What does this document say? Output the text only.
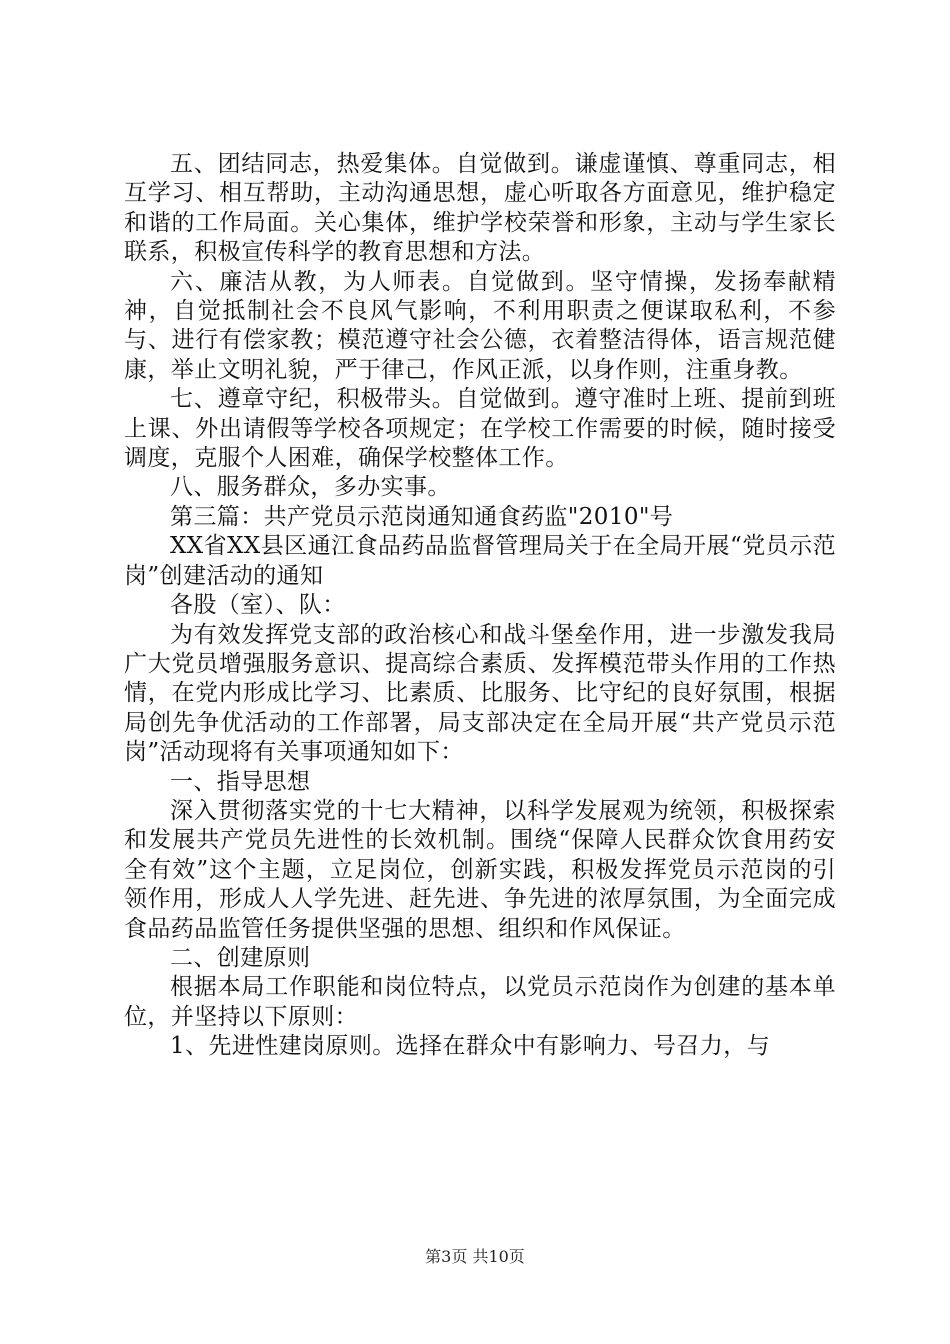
五、团结同志，热爱集体。自觉做到。谦虚谨慎、尊重同志，相互学习、相互帮助，主动沟通思想，虚心听取各方面意见，维护稳定和谐的工作局面。关心集体，维护学校荣誉和形象，主动与学生家长联系，积极宣传科学的教育思想和方法。

六、廉洁从教，为人师表。自觉做到。坚守情操，发扬奉献精神，自觉抵制社会不良风气影响，不利用职责之便谋取私利，不参与、进行有偿家教；模范遵守社会公德，衣着整洁得体，语言规范健康，举止文明礼貌，严于律己，作风正派，以身作则，注重身教。

七、遵章守纪，积极带头。自觉做到。遵守准时上班、提前到班上课、外出请假等学校各项规定；在学校工作需要的时候，随时接受调度，克服个人困难，确保学校整体工作。

八、服务群众，多办实事。

第三篇：共产党员示范岗通知通食药监"2010"号

XX省XX县区通江食品药品监督管理局关于在全局开展“党员示范岗”创建活动的通知

各股（室）、队：

为有效发挥党支部的政治核心和战斗堡垒作用，进一步激发我局广大党员增强服务意识、提高综合素质、发挥模范带头作用的工作热情，在党内形成比学习、比素质、比服务、比守纪的良好氛围，根据局创先争优活动的工作部署，局支部决定在全局开展“共产党员示范岗”活动现将有关事项通知如下：

一、指导思想

深入贯彻落实党的十七大精神，以科学发展观为统领，积极探索和发展共产党员先进性的长效机制。围绕“保障人民群众饮食用药安全有效”这个主题，立足岗位，创新实践，积极发挥党员示范岗的引领作用，形成人人学先进、赶先进、争先进的浓厚氛围，为全面完成食品药品监管任务提供坚强的思想、组织和作风保证。

二、创建原则

根据本局工作职能和岗位特点，以党员示范岗作为创建的基本单位，并坚持以下原则：

1、先进性建岗原则。选择在群众中有影响力、号召力，与

第3页 共10页
